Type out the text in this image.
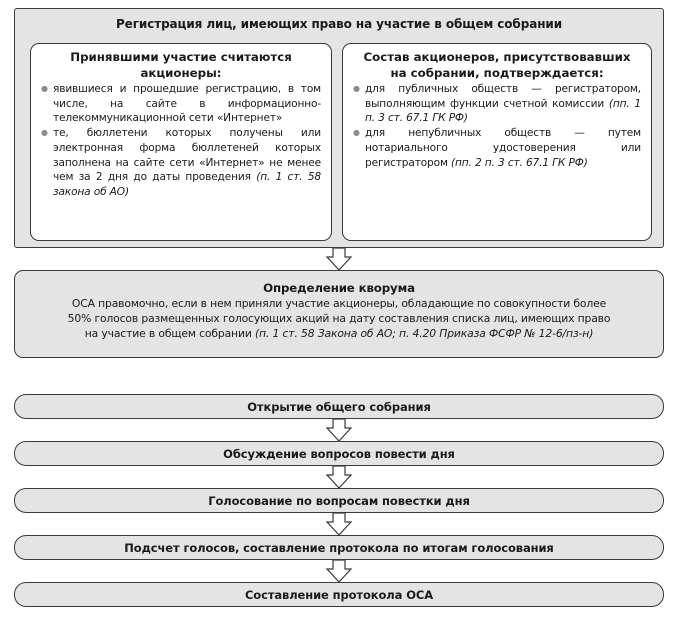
Регистрация лиц, имеющих право на участие в общем собрании
Принявшими участие считаются
акционеры:
● явившиеся и прошедшие регистрацию, в том числе, на сайте в информационно-телекоммуникационной сети «Интернет»
● те, бюллетени которых получены или электронная форма бюллетеней которых заполнена на сайте сети «Интернет» не менее чем за 2 дня до даты проведения (п. 1 ст. 58 закона об АО)
Состав акционеров, присутствовавших
на собрании, подтверждается:
● для публичных обществ — регистратором, выполняющим функции счетной комиссии (пп. 1 п. 3 ст. 67.1 ГК РФ)
● для непубличных обществ — путем нотариального удостоверения или регистратором (пп. 2 п. 3 ст. 67.1 ГК РФ)
Определение кворума
ОСА правомочно, если в нем приняли участие акционеры, обладающие по совокупности более
50% голосов размещенных голосующих акций на дату составления списка лиц, имеющих право
на участие в общем собрании (п. 1 ст. 58 Закона об АО; п. 4.20 Приказа ФСФР № 12-6/пз-н)
Открытие общего собрания
Обсуждение вопросов повести дня
Голосование по вопросам повестки дня
Подсчет голосов, составление протокола по итогам голосования
Составление протокола ОСА
